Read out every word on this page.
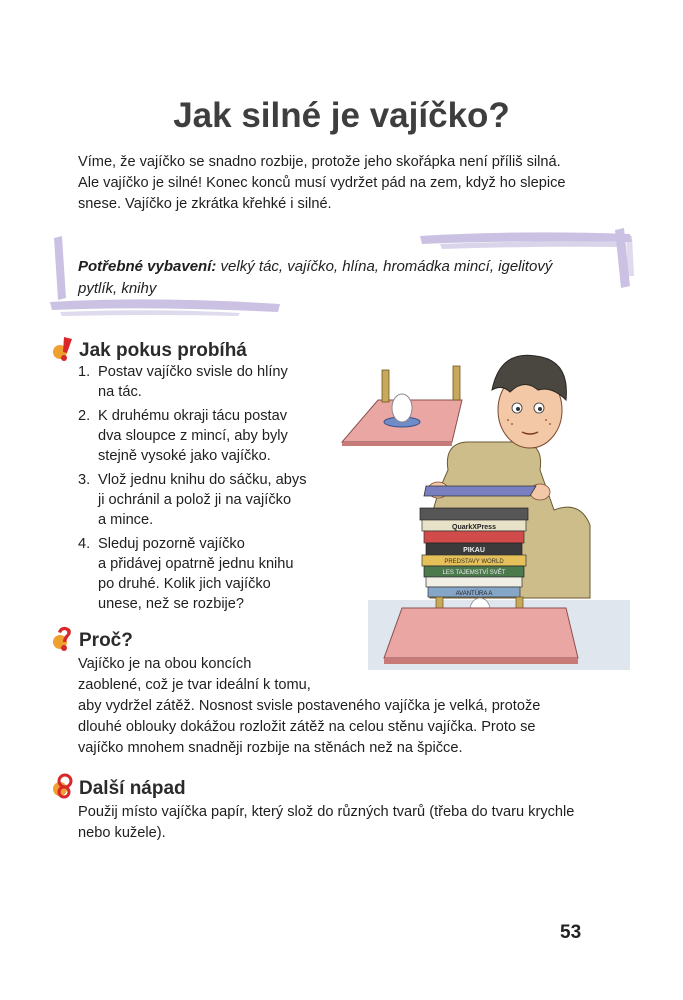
Jak silné je vajíčko?
Víme, že vajíčko se snadno rozbije, protože jeho skořápka není příliš silná.
Ale vajíčko je silné! Konec konců musí vydržet pád na zem, když ho slepice
snese. Vajíčko je zkrátka křehké i silné.
Potřebné vybavení: velký tác, vajíčko, hlína, hromádka mincí, igelitový
pytlík, knihy
Jak pokus probíhá
1. Postav vajíčko svisle do hlíny
na tác.
2. K druhému okraji tácu postav
dva sloupce z mincí, aby byly
stejně vysoké jako vajíčko.
3. Vlož jednu knihu do sáčku, abys
ji ochránil a polož ji na vajíčko
a mince.
4. Sleduj pozorně vajíčko
a přidávej opatrně jednu knihu
po druhé. Kolik jich vajíčko
unese, než se rozbije?
QuarkXPress
PIKAU
PREDSTAVY WORLD
LES TAJEMSTVÍ SVĚT
AVANTÚRA A
Proč?
Vajíčko je na obou koncích
zaoblené, což je tvar ideální k tomu,
aby vydržel zátěž. Nosnost svisle postaveného vajíčka je velká, protože
dlouhé oblouky dokážou rozložit zátěž na celou stěnu vajíčka. Proto se
vajíčko mnohem snadněji rozbije na stěnách než na špičce.
Další nápad
Použij místo vajíčka papír, který slož do různých tvarů (třeba do tvaru krychle
nebo kužele).
53
